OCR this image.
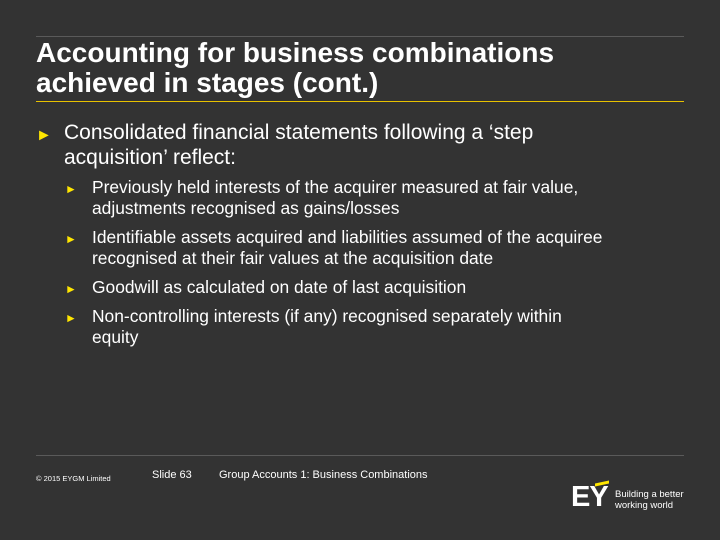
Accounting for business combinations
achieved in stages (cont.)
► Consolidated financial statements following a ‘step
acquisition’ reflect:
► Previously held interests of the acquirer measured at fair value,
adjustments recognised as gains/losses
► Identifiable assets acquired and liabilities assumed of the acquiree
recognised at their fair values at the acquisition date
► Goodwill as calculated on date of last acquisition
► Non-controlling interests (if any) recognised separately within
equity
© 2015 EYGM Limited	Slide 63 Group Accounts 1: Business Combinations
EY Building a better
working world
